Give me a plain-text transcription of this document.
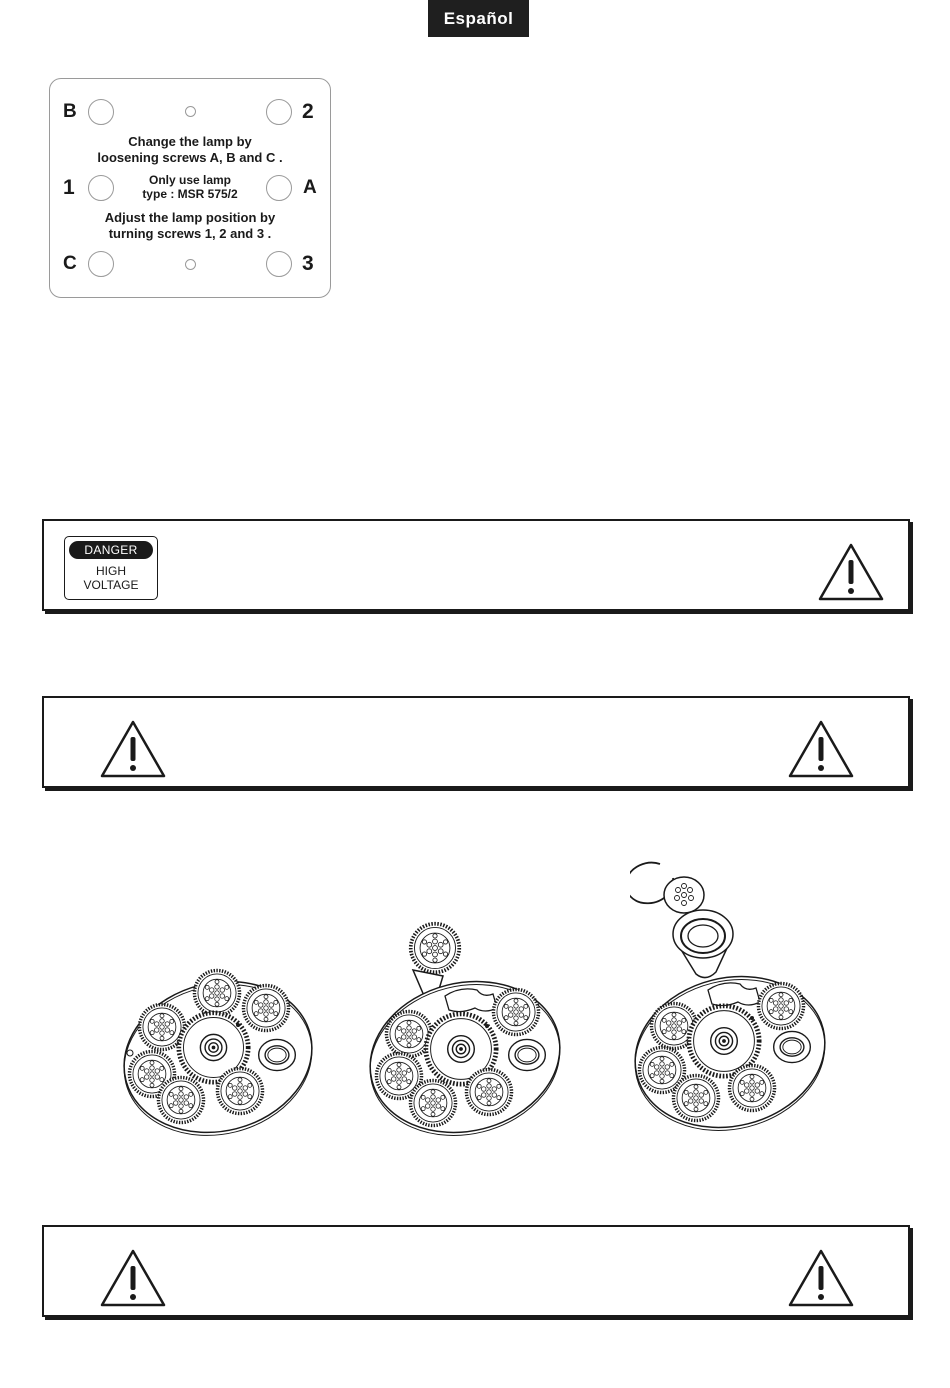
Español
B	2

Change the lamp by

loosening screws A, B and C .

1	Only use lamp

type : MSR 575/2	A

Adjust the lamp position by

turning screws 1, 2 and 3 .

C	3
DANGER
HIGH
VOLTAGE
